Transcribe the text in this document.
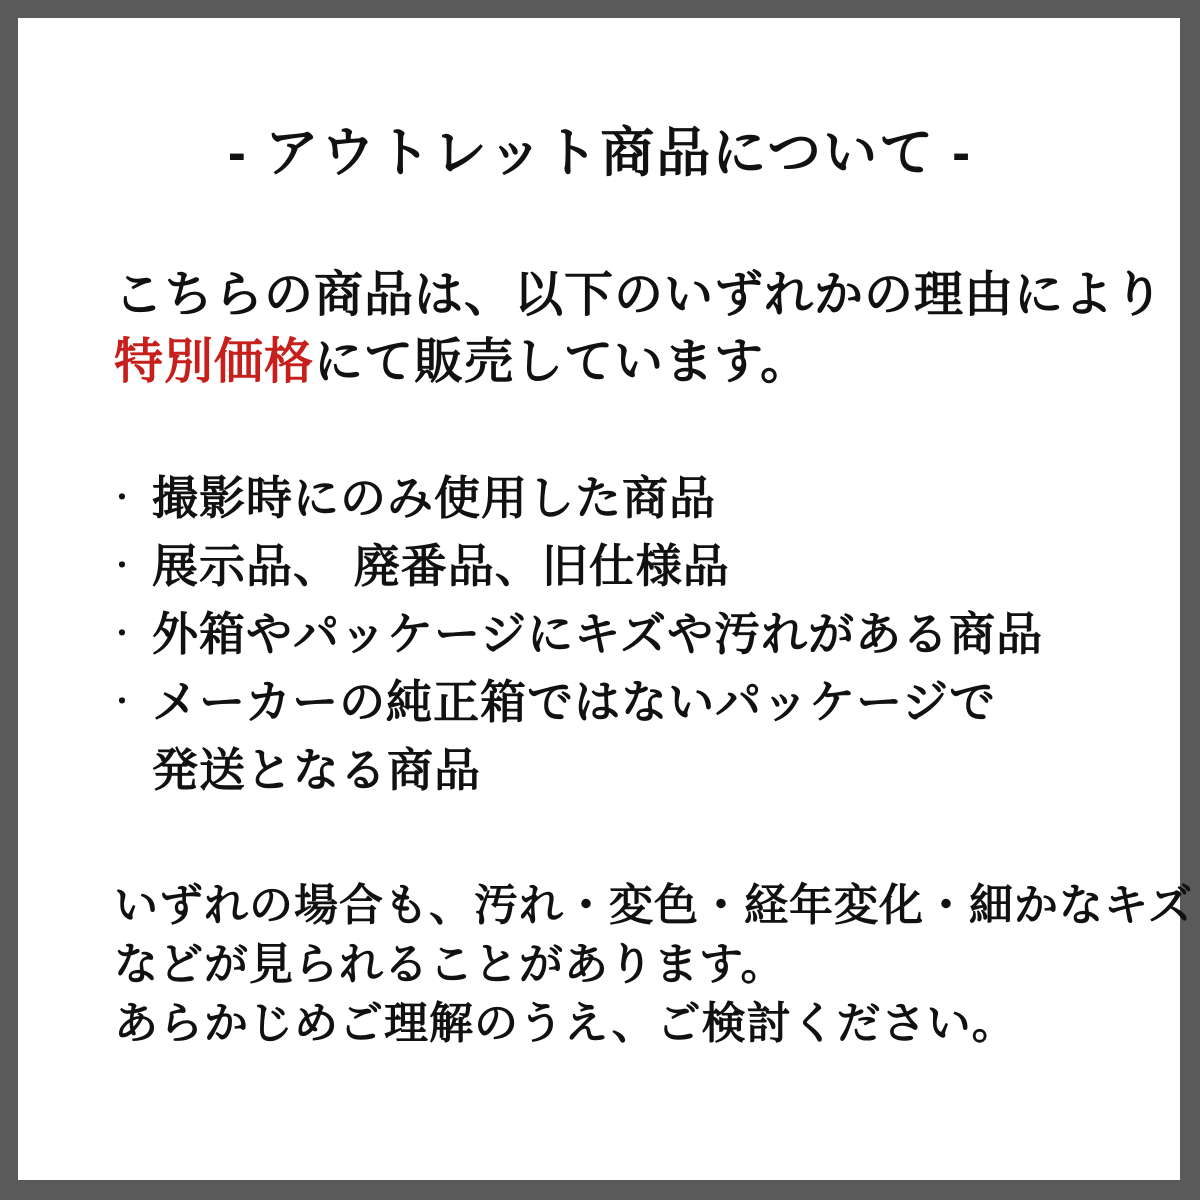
- アウトレット商品について -

こちらの商品は、以下のいずれかの理由により
特別価格にて販売しています。

・ 撮影時にのみ使用した商品
・ 展示品、 廃番品、旧仕様品
・ 外箱やパッケージにキズや汚れがある商品
・ メーカーの純正箱ではないパッケージで
発送となる商品

いずれの場合も、汚れ・変色・経年変化・細かなキズ
などが見られることがあります。
あらかじめご理解のうえ、ご検討ください。
